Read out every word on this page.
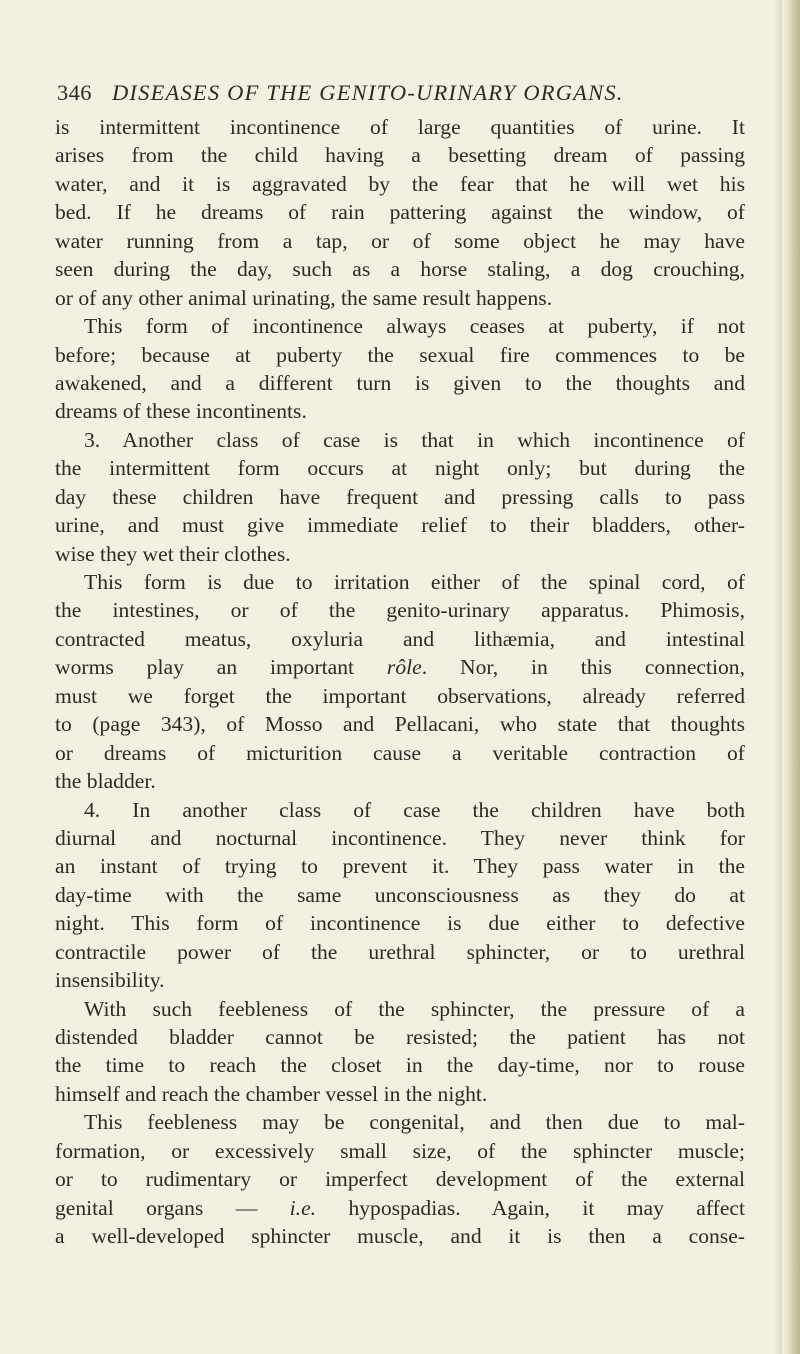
346 DISEASES OF THE GENITO-URINARY ORGANS.
is intermittent incontinence of large quantities of urine. It
arises from the child having a besetting dream of passing
water, and it is aggravated by the fear that he will wet his
bed. If he dreams of rain pattering against the window, of
water running from a tap, or of some object he may have
seen during the day, such as a horse staling, a dog crouching,
or of any other animal urinating, the same result happens.
This form of incontinence always ceases at puberty, if not
before; because at puberty the sexual fire commences to be
awakened, and a different turn is given to the thoughts and
dreams of these incontinents.
3. Another class of case is that in which incontinence of
the intermittent form occurs at night only; but during the
day these children have frequent and pressing calls to pass
urine, and must give immediate relief to their bladders, other-
wise they wet their clothes.
This form is due to irritation either of the spinal cord, of
the intestines, or of the genito-urinary apparatus. Phimosis,
contracted meatus, oxyluria and lithæmia, and intestinal
worms play an important rôle. Nor, in this connection,
must we forget the important observations, already referred
to (page 343), of Mosso and Pellacani, who state that thoughts
or dreams of micturition cause a veritable contraction of
the bladder.
4. In another class of case the children have both
diurnal and nocturnal incontinence. They never think for
an instant of trying to prevent it. They pass water in the
day-time with the same unconsciousness as they do at
night. This form of incontinence is due either to defective
contractile power of the urethral sphincter, or to urethral
insensibility.
With such feebleness of the sphincter, the pressure of a
distended bladder cannot be resisted; the patient has not
the time to reach the closet in the day-time, nor to rouse
himself and reach the chamber vessel in the night.
This feebleness may be congenital, and then due to mal-
formation, or excessively small size, of the sphincter muscle;
or to rudimentary or imperfect development of the external
genital organs — i.e. hypospadias. Again, it may affect
a well-developed sphincter muscle, and it is then a conse-
